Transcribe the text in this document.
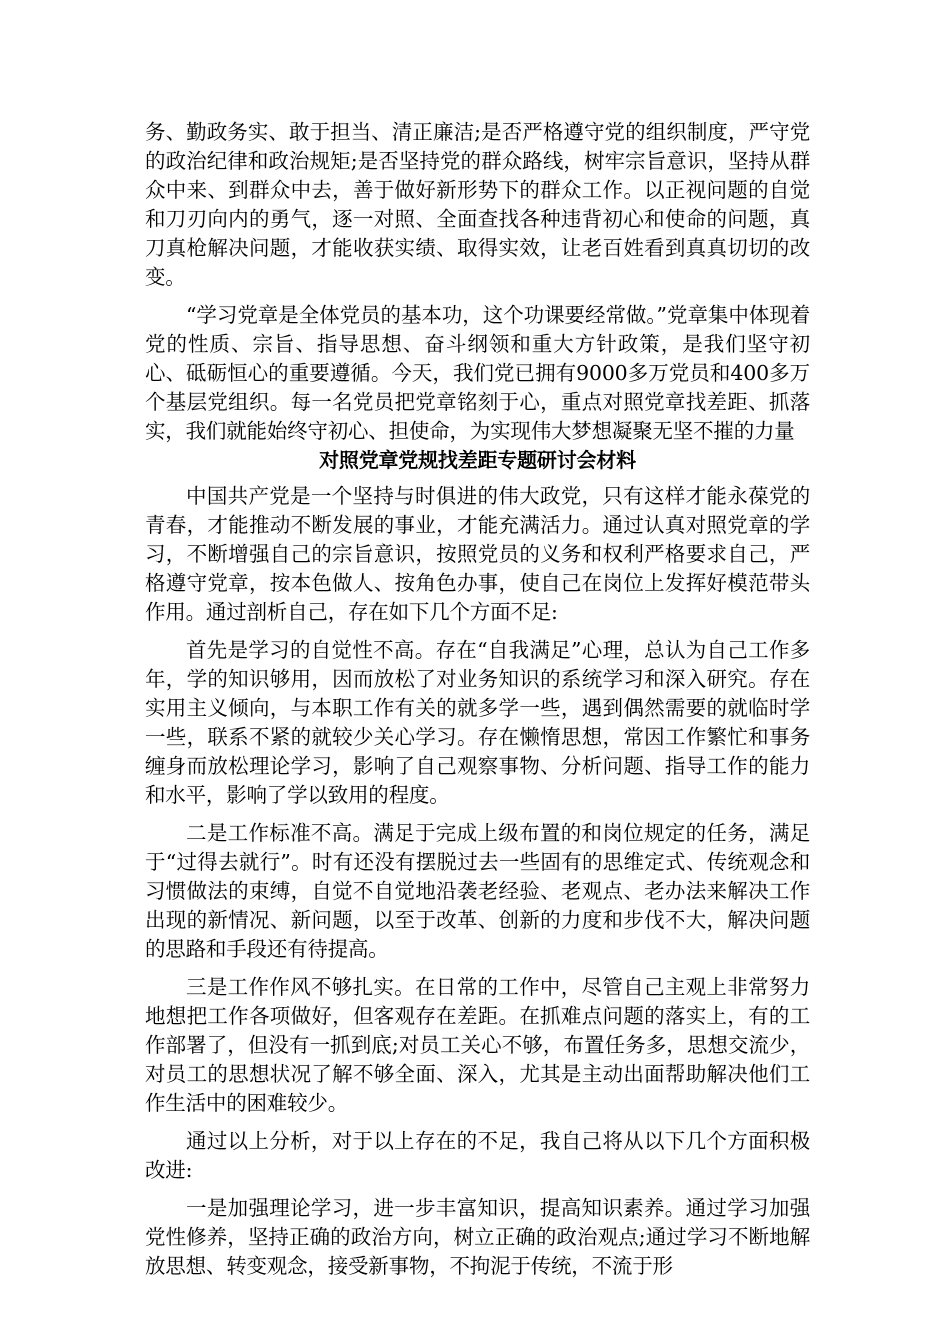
务、勤政务实、敢于担当、清正廉洁;是否严格遵守党的组织制度，严守党的政治纪律和政治规矩;是否坚持党的群众路线，树牢宗旨意识，坚持从群众中来、到群众中去，善于做好新形势下的群众工作。以正视问题的自觉和刀刃向内的勇气，逐一对照、全面查找各种违背初心和使命的问题，真刀真枪解决问题，才能收获实绩、取得实效，让老百姓看到真真切切的改变。

“学习党章是全体党员的基本功，这个功课要经常做。”党章集中体现着党的性质、宗旨、指导思想、奋斗纲领和重大方针政策，是我们坚守初心、砥砺恒心的重要遵循。今天，我们党已拥有9000多万党员和400多万个基层党组织。每一名党员把党章铭刻于心，重点对照党章找差距、抓落实，我们就能始终守初心、担使命，为实现伟大梦想凝聚无坚不摧的力量

对照党章党规找差距专题研讨会材料

中国共产党是一个坚持与时俱进的伟大政党，只有这样才能永葆党的青春，才能推动不断发展的事业，才能充满活力。通过认真对照党章的学习，不断增强自己的宗旨意识，按照党员的义务和权利严格要求自己，严格遵守党章，按本色做人、按角色办事，使自己在岗位上发挥好模范带头作用。通过剖析自己，存在如下几个方面不足:

首先是学习的自觉性不高。存在“自我满足”心理，总认为自己工作多年，学的知识够用，因而放松了对业务知识的系统学习和深入研究。存在实用主义倾向，与本职工作有关的就多学一些，遇到偶然需要的就临时学一些，联系不紧的就较少关心学习。存在懒惰思想，常因工作繁忙和事务缠身而放松理论学习，影响了自己观察事物、分析问题、指导工作的能力和水平，影响了学以致用的程度。

二是工作标准不高。满足于完成上级布置的和岗位规定的任务，满足于“过得去就行”。时有还没有摆脱过去一些固有的思维定式、传统观念和习惯做法的束缚，自觉不自觉地沿袭老经验、老观点、老办法来解决工作出现的新情况、新问题，以至于改革、创新的力度和步伐不大，解决问题的思路和手段还有待提高。

三是工作作风不够扎实。在日常的工作中，尽管自己主观上非常努力地想把工作各项做好，但客观存在差距。在抓难点问题的落实上，有的工作部署了，但没有一抓到底;对员工关心不够，布置任务多，思想交流少，对员工的思想状况了解不够全面、深入，尤其是主动出面帮助解决他们工作生活中的困难较少。

通过以上分析，对于以上存在的不足，我自己将从以下几个方面积极改进:

一是加强理论学习，进一步丰富知识，提高知识素养。通过学习加强党性修养，坚持正确的政治方向，树立正确的政治观点;通过学习不断地解放思想、转变观念，接受新事物，不拘泥于传统，不流于形
